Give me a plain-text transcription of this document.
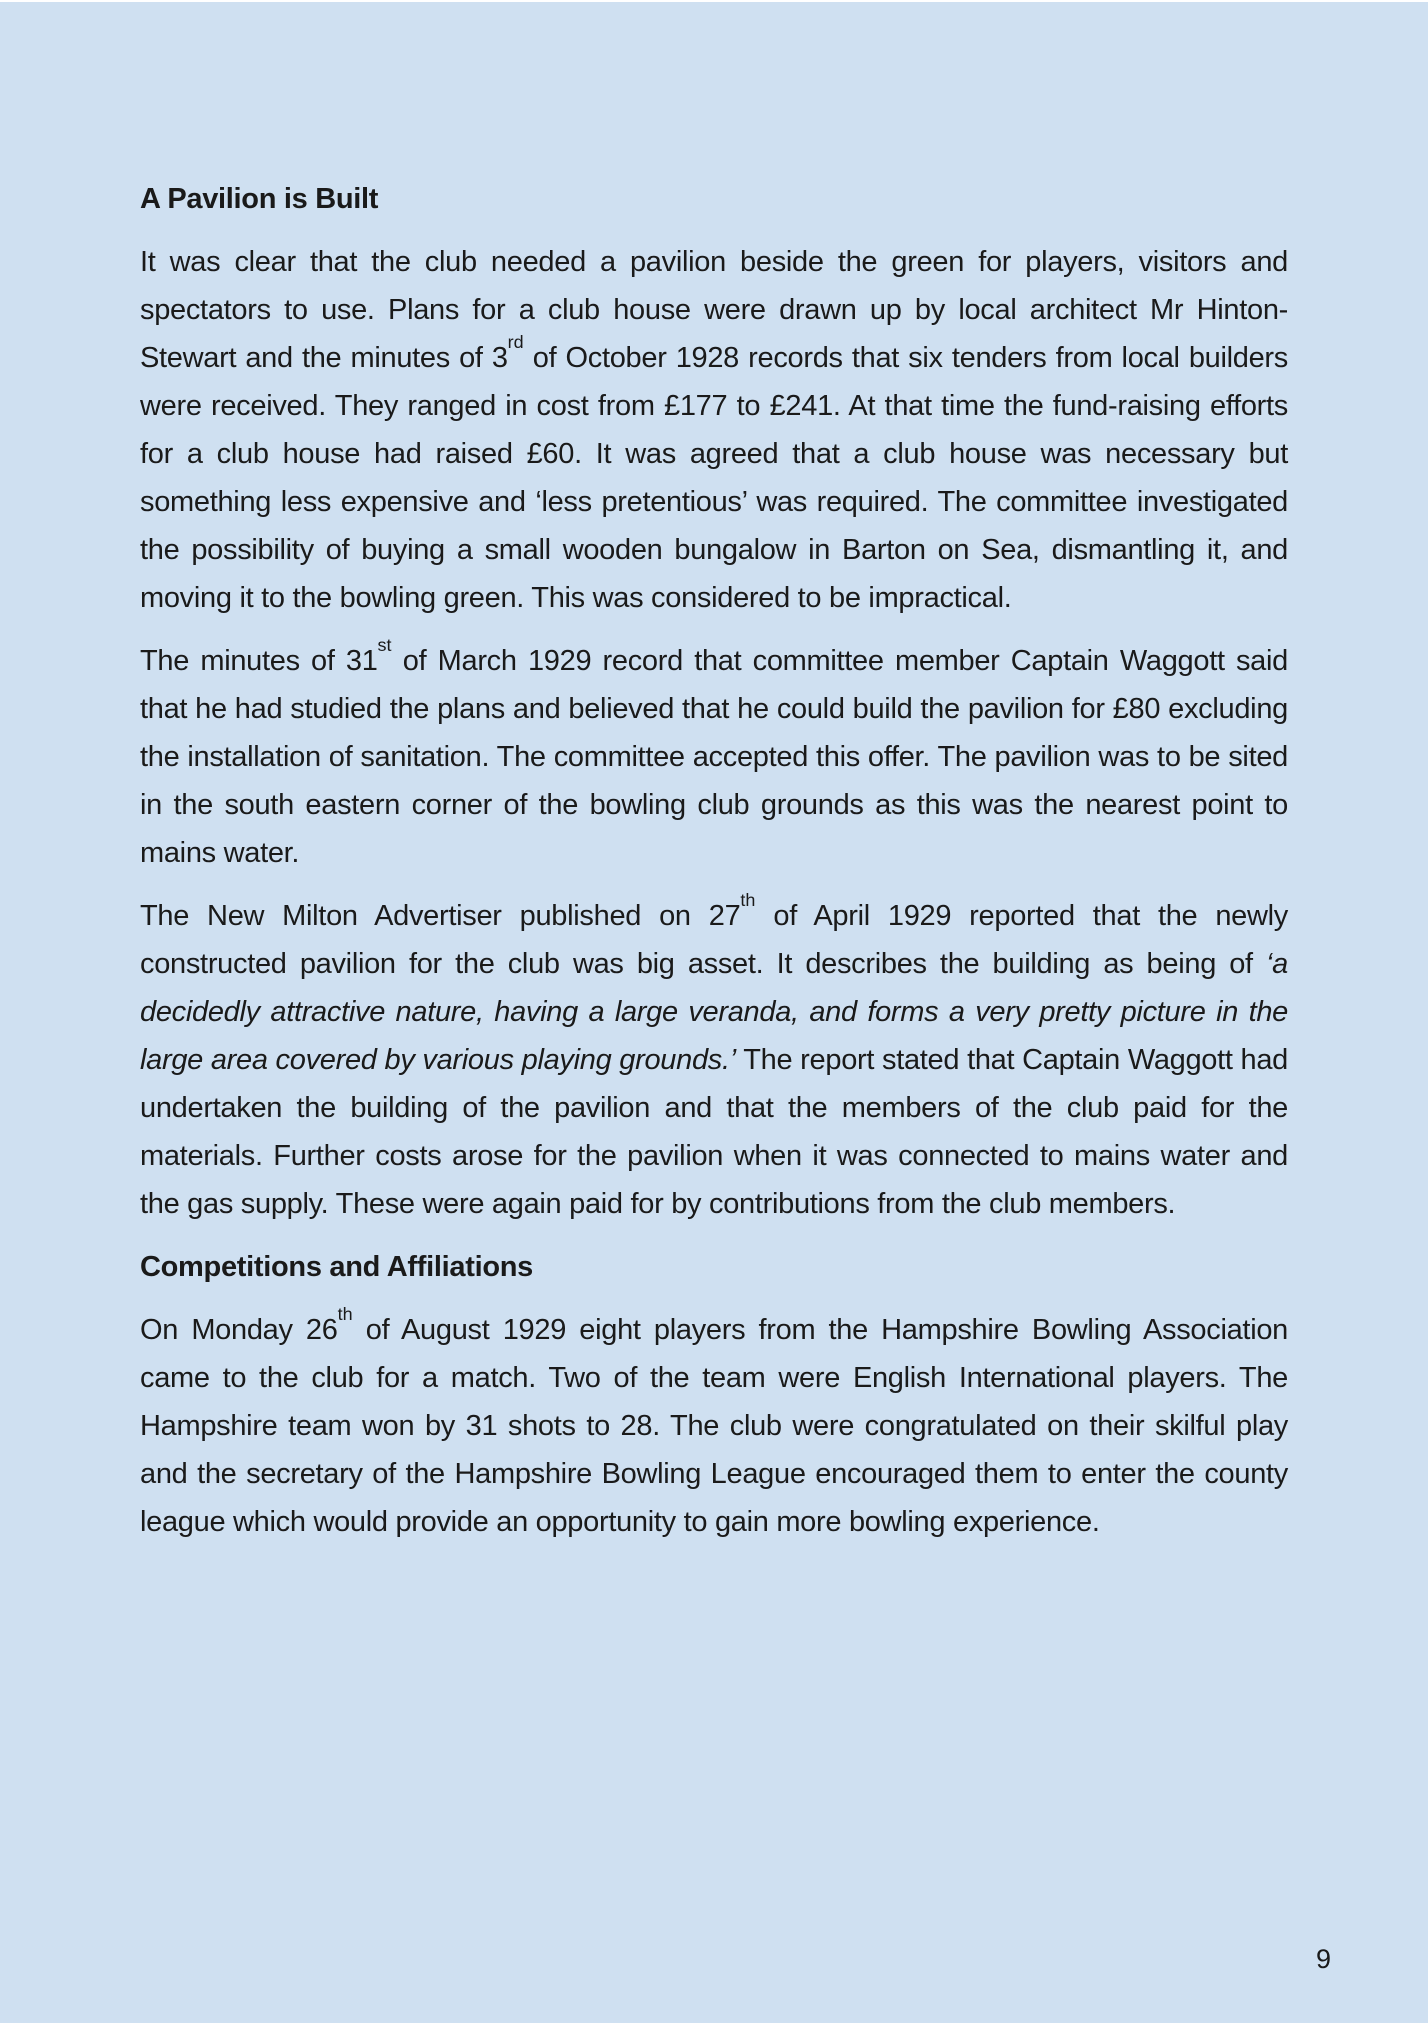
A Pavilion is Built

It was clear that the club needed a pavilion beside the green for players, visitors and spectators to use. Plans for a club house were drawn up by local architect Mr Hinton-Stewart and the minutes of 3rd of October 1928 records that six tenders from local builders were received. They ranged in cost from £177 to £241. At that time the fund-raising efforts for a club house had raised £60. It was agreed that a club house was necessary but something less expensive and ‘less pretentious’ was required. The committee investigated the possibility of buying a small wooden bungalow in Barton on Sea, dismantling it, and moving it to the bowling green. This was considered to be impractical.

The minutes of 31st of March 1929 record that committee member Captain Waggott said that he had studied the plans and believed that he could build the pavilion for £80 excluding the installation of sanitation. The committee accepted this offer. The pavilion was to be sited in the south eastern corner of the bowling club grounds as this was the nearest point to mains water.

The New Milton Advertiser published on 27th of April 1929 reported that the newly constructed pavilion for the club was big asset. It describes the building as being of ‘a decidedly attractive nature, having a large veranda, and forms a very pretty picture in the large area covered by various playing grounds.’ The report stated that Captain Waggott had undertaken the building of the pavilion and that the members of the club paid for the materials. Further costs arose for the pavilion when it was connected to mains water and the gas supply. These were again paid for by contributions from the club members.

Competitions and Affiliations

On Monday 26th of August 1929 eight players from the Hampshire Bowling Association came to the club for a match. Two of the team were English International players. The Hampshire team won by 31 shots to 28. The club were congratulated on their skilful play and the secretary of the Hampshire Bowling League encouraged them to enter the county league which would provide an opportunity to gain more bowling experience.

9
